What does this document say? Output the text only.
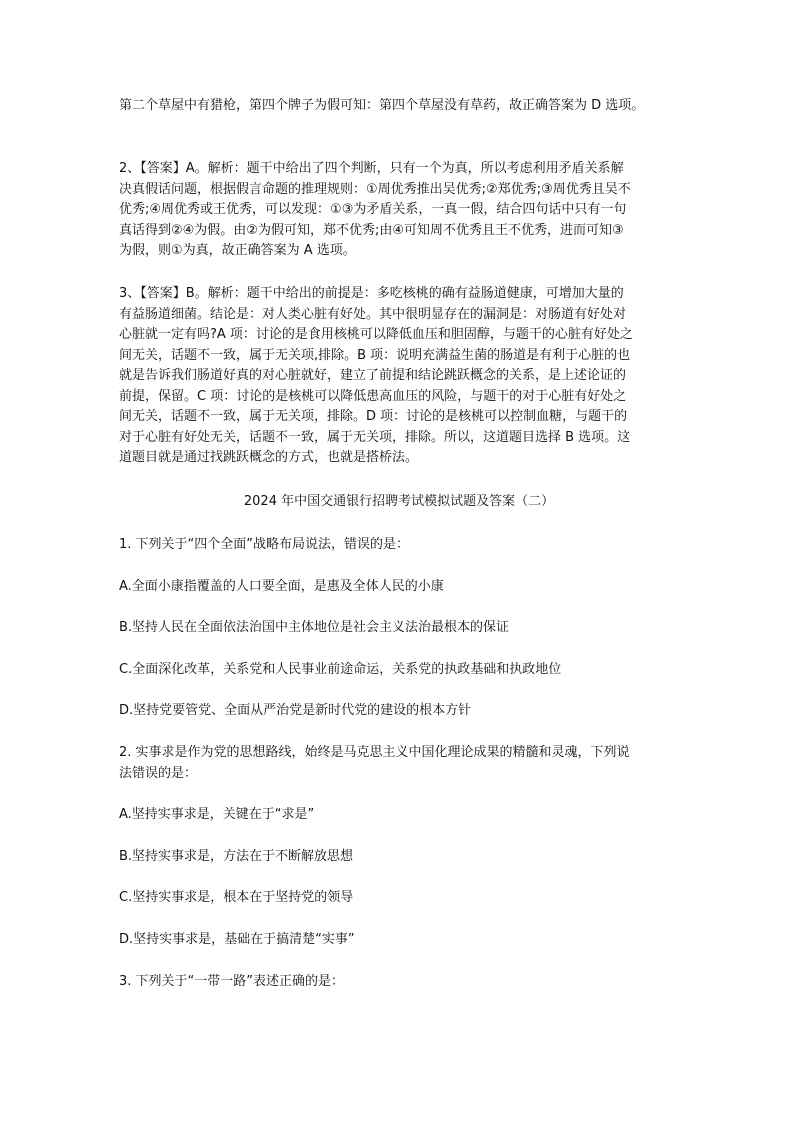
第二个草屋中有猎枪，第四个牌子为假可知：第四个草屋没有草药，故正确答案为 D 选项。

2、【答案】A。解析：题干中给出了四个判断，只有一个为真，所以考虑利用矛盾关系解
决真假话问题，根据假言命题的推理规则：①周优秀推出吴优秀;②郑优秀;③周优秀且吴不
优秀;④周优秀或王优秀，可以发现：①③为矛盾关系，一真一假，结合四句话中只有一句
真话得到②④为假。由②为假可知，郑不优秀;由④可知周不优秀且王不优秀，进而可知③
为假，则①为真，故正确答案为 A 选项。

3、【答案】B。解析：题干中给出的前提是：多吃核桃的确有益肠道健康，可增加大量的
有益肠道细菌。结论是：对人类心脏有好处。其中很明显存在的漏洞是：对肠道有好处对
心脏就一定有吗?A 项：讨论的是食用核桃可以降低血压和胆固醇，与题干的心脏有好处之
间无关，话题不一致，属于无关项,排除。B 项：说明充满益生菌的肠道是有利于心脏的也
就是告诉我们肠道好真的对心脏就好，建立了前提和结论跳跃概念的关系，是上述论证的
前提，保留。C 项：讨论的是核桃可以降低患高血压的风险，与题干的对于心脏有好处之
间无关，话题不一致，属于无关项，排除。D 项：讨论的是核桃可以控制血糖，与题干的
对于心脏有好处无关，话题不一致，属于无关项，排除。所以，这道题目选择 B 选项。这
道题目就是通过找跳跃概念的方式，也就是搭桥法。

2024 年中国交通银行招聘考试模拟试题及答案（二）

1. 下列关于“四个全面”战略布局说法，错误的是：

A.全面小康指覆盖的人口要全面，是惠及全体人民的小康

B.坚持人民在全面依法治国中主体地位是社会主义法治最根本的保证

C.全面深化改革，关系党和人民事业前途命运，关系党的执政基础和执政地位

D.坚持党要管党、全面从严治党是新时代党的建设的根本方针

2. 实事求是作为党的思想路线，始终是马克思主义中国化理论成果的精髓和灵魂，下列说
法错误的是：

A.坚持实事求是，关键在于“求是”

B.坚持实事求是，方法在于不断解放思想

C.坚持实事求是，根本在于坚持党的领导

D.坚持实事求是，基础在于搞清楚“实事”

3. 下列关于“一带一路”表述正确的是：
